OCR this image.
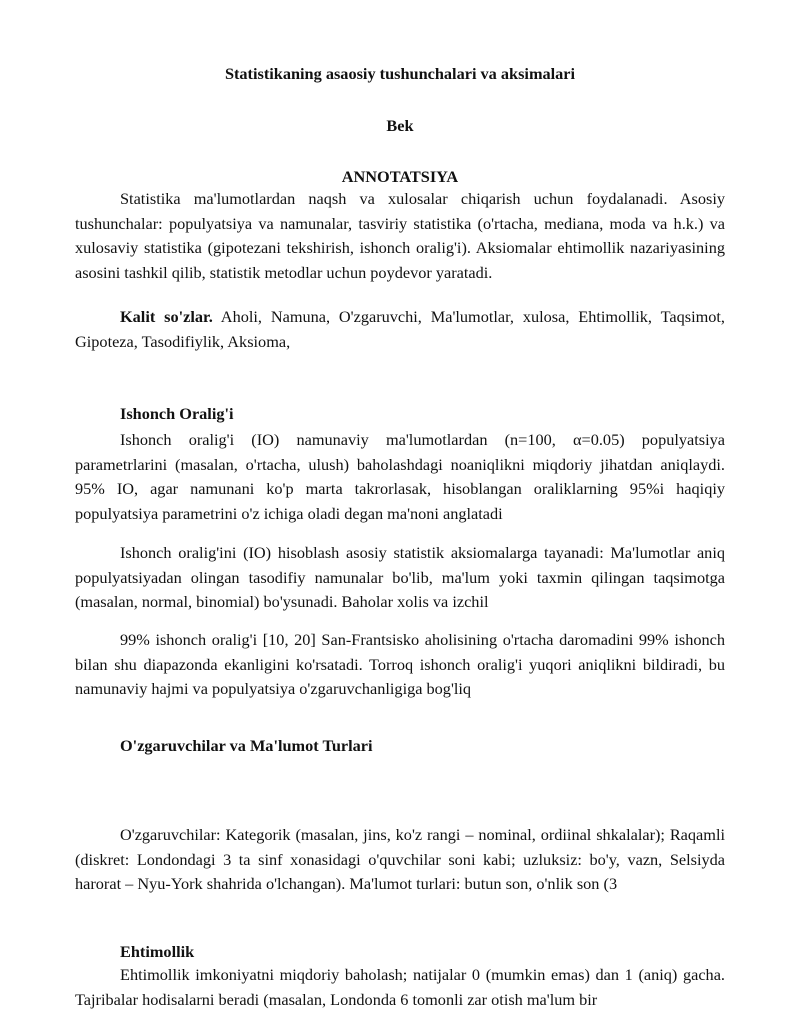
Statistikaning asaosiy tushunchalari va aksimalari

Bek

ANNOTATSIYA

Statistika ma'lumotlardan naqsh va xulosalar chiqarish uchun foydalanadi. Asosiy tushunchalar: populyatsiya va namunalar, tasviriy statistika (o'rtacha, mediana, moda va h.k.) va xulosaviy statistika (gipotezani tekshirish, ishonch oralig'i). Aksiomalar ehtimollik nazariyasining asosini tashkil qilib, statistik metodlar uchun poydevor yaratadi.

Kalit so'zlar. Aholi, Namuna, O'zgaruvchi, Ma'lumotlar, xulosa, Ehtimollik, Taqsimot, Gipoteza, Tasodifiylik, Aksioma,

Ishonch Oralig'i

Ishonch oralig'i (IO) namunaviy ma'lumotlardan (n=100, α=0.05) populyatsiya parametrlarini (masalan, o'rtacha, ulush) baholashdagi noaniqlikni miqdoriy jihatdan aniqlaydi. 95% IO, agar namunani ko'p marta takrorlasak, hisoblangan oraliklarning 95%i haqiqiy populyatsiya parametrini o'z ichiga oladi degan ma'noni anglatadi

Ishonch oralig'ini (IO) hisoblash asosiy statistik aksiomalarga tayanadi: Ma'lumotlar aniq populyatsiyadan olingan tasodifiy namunalar bo'lib, ma'lum yoki taxmin qilingan taqsimotga (masalan, normal, binomial) bo'ysunadi. Baholar xolis va izchil

99% ishonch oralig'i [10, 20] San-Frantsisko aholisining o'rtacha daromadini 99% ishonch bilan shu diapazonda ekanligini ko'rsatadi. Torroq ishonch oralig'i yuqori aniqlikni bildiradi, bu namunaviy hajmi va populyatsiya o'zgaruvchanligiga bog'liq

O'zgaruvchilar va Ma'lumot Turlari

O'zgaruvchilar: Kategorik (masalan, jins, ko'z rangi – nominal, ordiinal shkalalar); Raqamli (diskret: Londondagi 3 ta sinf xonasidagi o'quvchilar soni kabi; uzluksiz: bo'y, vazn, Selsiyda harorat – Nyu-York shahrida o'lchangan). Ma'lumot turlari: butun son, o'nlik son (3

Ehtimollik

Ehtimollik imkoniyatni miqdoriy baholash; natijalar 0 (mumkin emas) dan 1 (aniq) gacha. Tajribalar hodisalarni beradi (masalan, Londonda 6 tomonli zar otish ma'lum bir
